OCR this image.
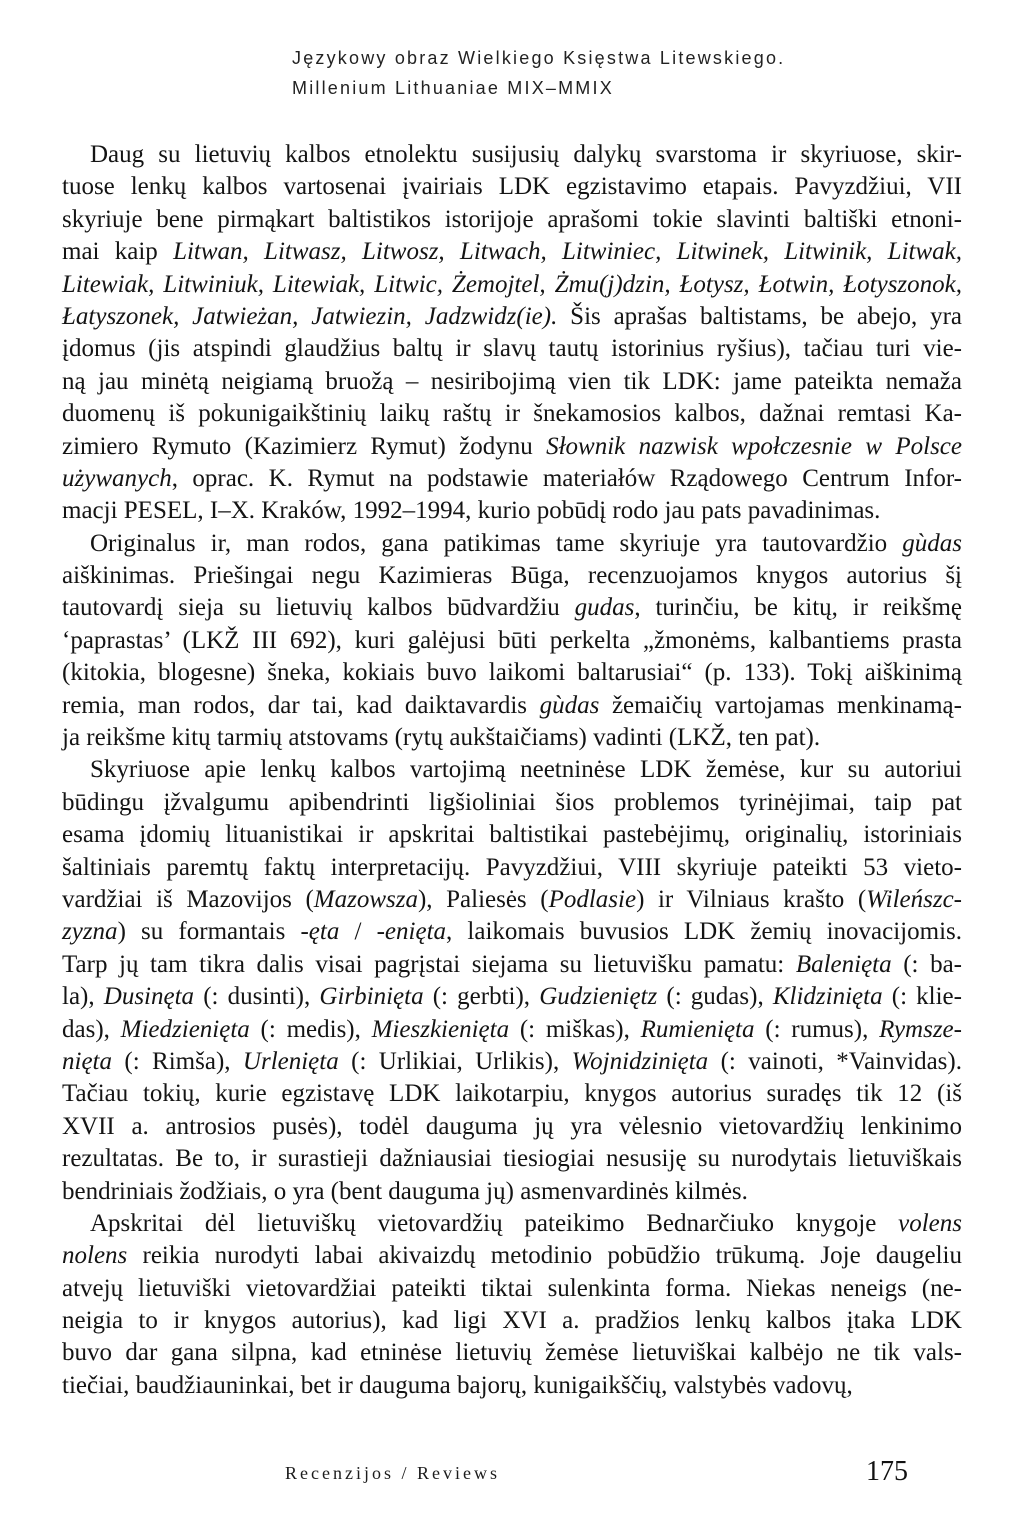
Językowy obraz Wielkiego Księstwa Litewskiego.
Millenium Lithuaniae MIX–MMIX
Daug su lietuvių kalbos etnolektu susijusių dalykų svarstoma ir skyriuose, skir-
tuose lenkų kalbos vartosenai įvairiais LDK egzistavimo etapais. Pavyzdžiui, VII
skyriuje bene pirmąkart baltistikos istorijoje aprašomi tokie slavinti baltiški etnoni-
mai kaip Litwan, Litwasz, Litwosz, Litwach, Litwiniec, Litwinek, Litwinik, Litwak,
Litewiak, Litwiniuk, Litewiak, Litwic, Żemojtel, Żmu(j)dzin, Łotysz, Łotwin, Łotyszonok,
Łatyszonek, Jatwieżan, Jatwiezin, Jadzwidz(ie). Šis aprašas baltistams, be abejo, yra
įdomus (jis atspindi glaudžius baltų ir slavų tautų istorinius ryšius), tačiau turi vie-
ną jau minėtą neigiamą bruožą – nesiribojimą vien tik LDK: jame pateikta nemaža
duomenų iš pokunigaikštinių laikų raštų ir šnekamosios kalbos, dažnai remtasi Ka-
zimiero Rymuto (Kazimierz Rymut) žodynu Słownik nazwisk wpołczesnie w Polsce
używanych, oprac. K. Rymut na podstawie materiałów Rządowego Centrum Infor-
macji PESEL, I–X. Kraków, 1992–1994, kurio pobūdį rodo jau pats pavadinimas.
Originalus ir, man rodos, gana patikimas tame skyriuje yra tautovardžio gùdas
aiškinimas. Priešingai negu Kazimieras Būga, recenzuojamos knygos autorius šį
tautovardį sieja su lietuvių kalbos būdvardžiu gudas, turinčiu, be kitų, ir reikšmę
‘paprastas’ (LKŽ III 692), kuri galėjusi būti perkelta „žmonėms, kalbantiems prasta
(kitokia, blogesne) šneka, kokiais buvo laikomi baltarusiai“ (p. 133). Tokį aiškinimą
remia, man rodos, dar tai, kad daiktavardis gùdas žemaičių vartojamas menkinamą-
ja reikšme kitų tarmių atstovams (rytų aukštaičiams) vadinti (LKŽ, ten pat).
Skyriuose apie lenkų kalbos vartojimą neetninėse LDK žemėse, kur su autoriui
būdingu įžvalgumu apibendrinti ligšioliniai šios problemos tyrinėjimai, taip pat
esama įdomių lituanistikai ir apskritai baltistikai pastebėjimų, originalių, istoriniais
šaltiniais paremtų faktų interpretacijų. Pavyzdžiui, VIII skyriuje pateikti 53 vieto-
vardžiai iš Mazovijos (Mazowsza), Paliesės (Podlasie) ir Vilniaus krašto (Wileńszc-
zyzna) su formantais -ęta / -enięta, laikomais buvusios LDK žemių inovacijomis.
Tarp jų tam tikra dalis visai pagrįstai siejama su lietuvišku pamatu: Balenięta (: ba-
la), Dusinęta (: dusinti), Girbinięta (: gerbti), Gudzieniętz (: gudas), Klidzinięta (: klie-
das), Miedzienięta (: medis), Mieszkienięta (: miškas), Rumienięta (: rumus), Rymsze-
nięta (: Rimša), Urlenięta (: Urlikiai, Urlikis), Wojnidzinięta (: vainoti, *Vainvidas).
Tačiau tokių, kurie egzistavę LDK laikotarpiu, knygos autorius suradęs tik 12 (iš
XVII a. antrosios pusės), todėl dauguma jų yra vėlesnio vietovardžių lenkinimo
rezultatas. Be to, ir surastieji dažniausiai tiesiogiai nesusiję su nurodytais lietuviškais
bendriniais žodžiais, o yra (bent dauguma jų) asmenvardinės kilmės.
Apskritai dėl lietuviškų vietovardžių pateikimo Bednarčiuko knygoje volens
nolens reikia nurodyti labai akivaizdų metodinio pobūdžio trūkumą. Joje daugeliu
atvejų lietuviški vietovardžiai pateikti tiktai sulenkinta forma. Niekas neneigs (ne-
neigia to ir knygos autorius), kad ligi XVI a. pradžios lenkų kalbos įtaka LDK
buvo dar gana silpna, kad etninėse lietuvių žemėse lietuviškai kalbėjo ne tik vals-
tiečiai, baudžiauninkai, bet ir dauguma bajorų, kunigaikščių, valstybės vadovų,
Recenzijos / Reviews	175
